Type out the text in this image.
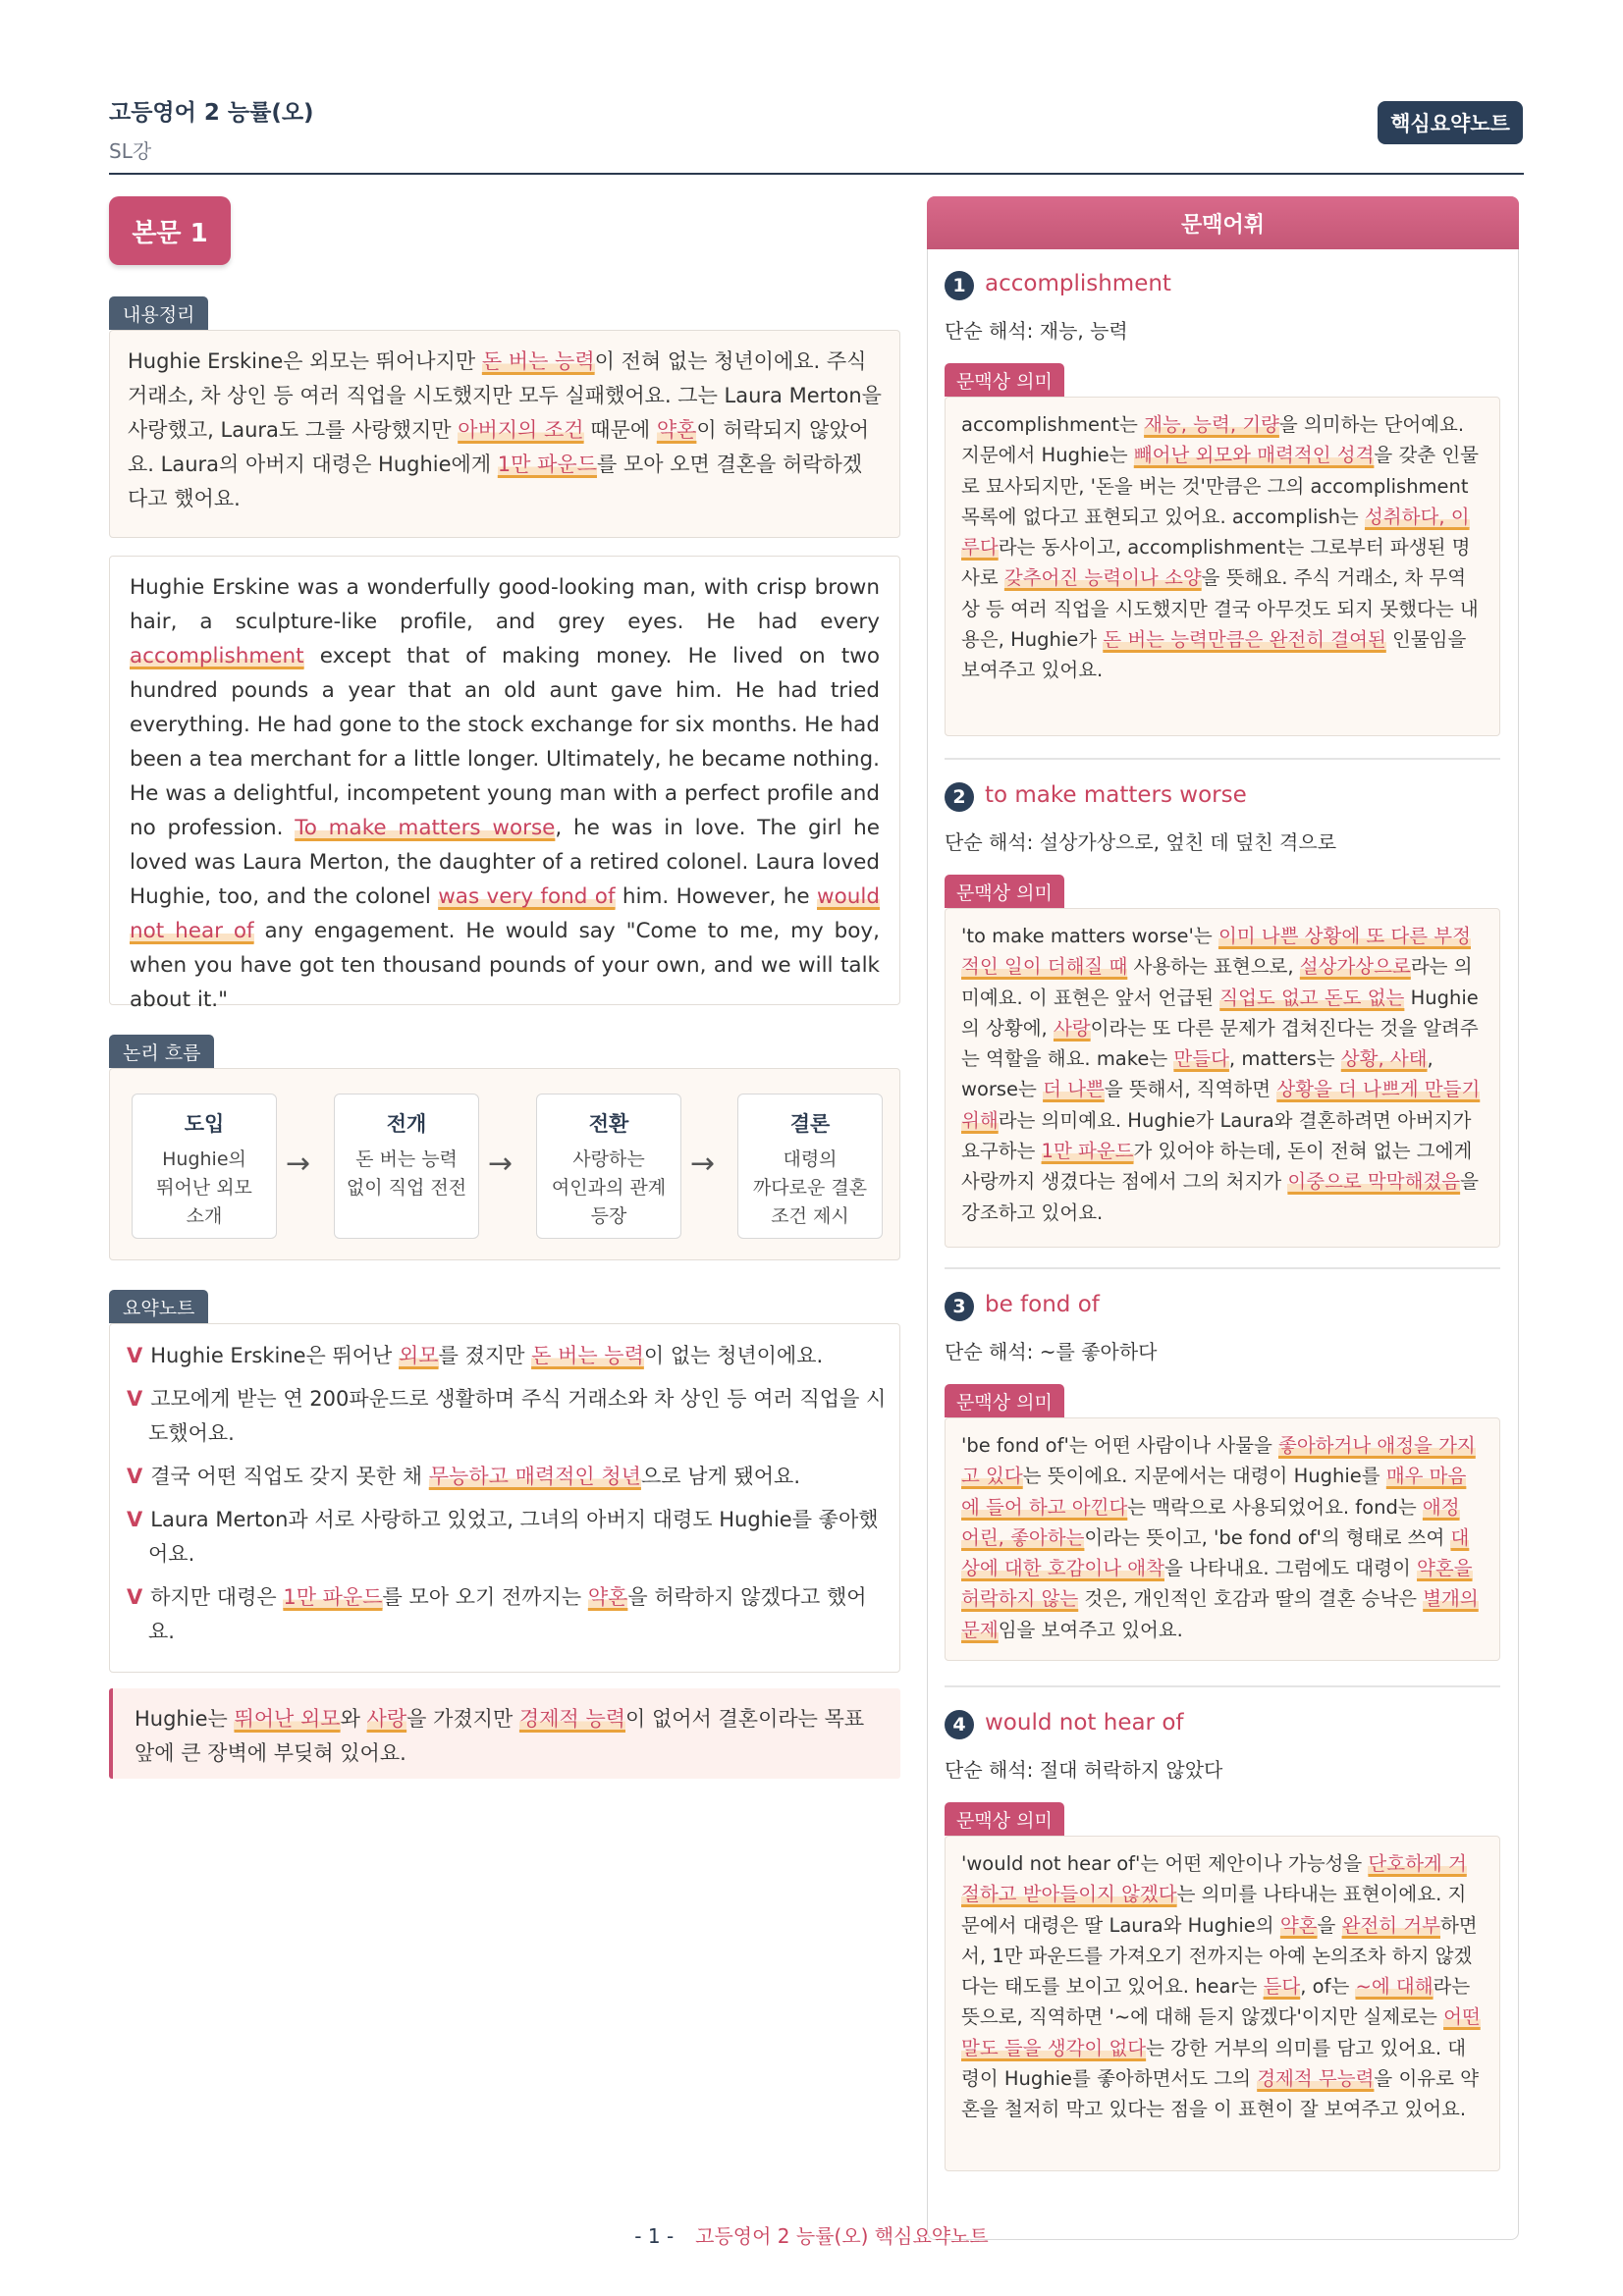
고등영어 2 능률(오)
SL강
핵심요약노트
본문 1
내용정리
Hughie Erskine은 외모는 뛰어나지만 돈 버는 능력이 전혀 없는 청년이에요. 주식 거래소, 차 상인 등 여러 직업을 시도했지만 모두 실패했어요. 그는 Laura Merton을 사랑했고, Laura도 그를 사랑했지만 아버지의 조건 때문에 약혼이 허락되지 않았어요. Laura의 아버지 대령은 Hughie에게 1만 파운드를 모아 오면 결혼을 허락하겠다고 했어요.
Hughie Erskine was a wonderfully good-looking man, with crisp brown hair, a sculpture-like profile, and grey eyes. He had every accomplishment except that of making money. He lived on two hundred pounds a year that an old aunt gave him. He had tried everything. He had gone to the stock exchange for six months. He had been a tea merchant for a little longer. Ultimately, he became nothing. He was a delightful, incompetent young man with a perfect profile and no profession. To make matters worse, he was in love. The girl he loved was Laura Merton, the daughter of a retired colonel. Laura loved Hughie, too, and the colonel was very fond of him. However, he would not hear of any engagement. He would say "Come to me, my boy, when you have got ten thousand pounds of your own, and we will talk about it."
논리 흐름
도입
Hughie의
뛰어난 외모
소개
→
전개
돈 버는 능력
없이 직업 전전
→
전환
사랑하는
여인과의 관계
등장
→
결론
대령의
까다로운 결혼
조건 제시
요약노트
V Hughie Erskine은 뛰어난 외모를 졌지만 돈 버는 능력이 없는 청년이에요.
V 고모에게 받는 연 200파운드로 생활하며 주식 거래소와 차 상인 등 여러 직업을 시도했어요.
V 결국 어떤 직업도 갖지 못한 채 무능하고 매력적인 청년으로 남게 됐어요.
V Laura Merton과 서로 사랑하고 있었고, 그녀의 아버지 대령도 Hughie를 좋아했어요.
V 하지만 대령은 1만 파운드를 모아 오기 전까지는 약혼을 허락하지 않겠다고 했어요.
Hughie는 뛰어난 외모와 사랑을 가졌지만 경제적 능력이 없어서 결혼이라는 목표 앞에 큰 장벽에 부딪혀 있어요.
문맥어휘
1 accomplishment
단순 해석: 재능, 능력
문맥상 의미
accomplishment는 재능, 능력, 기량을 의미하는 단어예요. 지문에서 Hughie는 빼어난 외모와 매력적인 성격을 갖춘 인물로 묘사되지만, '돈을 버는 것'만큼은 그의 accomplishment 목록에 없다고 표현되고 있어요. accomplish는 성취하다, 이루다라는 동사이고, accomplishment는 그로부터 파생된 명사로 갖추어진 능력이나 소양을 뜻해요. 주식 거래소, 차 무역상 등 여러 직업을 시도했지만 결국 아무것도 되지 못했다는 내용은, Hughie가 돈 버는 능력만큼은 완전히 결여된 인물임을 보여주고 있어요.
2 to make matters worse
단순 해석: 설상가상으로, 엎친 데 덮친 격으로
문맥상 의미
'to make matters worse'는 이미 나쁜 상황에 또 다른 부정적인 일이 더해질 때 사용하는 표현으로, 설상가상으로라는 의미예요. 이 표현은 앞서 언급된 직업도 없고 돈도 없는 Hughie의 상황에, 사랑이라는 또 다른 문제가 겹쳐진다는 것을 알려주는 역할을 해요. make는 만들다, matters는 상황, 사태, worse는 더 나쁜을 뜻해서, 직역하면 상황을 더 나쁘게 만들기 위해라는 의미예요. Hughie가 Laura와 결혼하려면 아버지가 요구하는 1만 파운드가 있어야 하는데, 돈이 전혀 없는 그에게 사랑까지 생겼다는 점에서 그의 처지가 이중으로 막막해졌음을 강조하고 있어요.
3 be fond of
단순 해석: ~를 좋아하다
문맥상 의미
'be fond of'는 어떤 사람이나 사물을 좋아하거나 애정을 가지고 있다는 뜻이에요. 지문에서는 대령이 Hughie를 매우 마음에 들어 하고 아낀다는 맥락으로 사용되었어요. fond는 애정 어린, 좋아하는이라는 뜻이고, 'be fond of'의 형태로 쓰여 대상에 대한 호감이나 애착을 나타내요. 그럼에도 대령이 약혼을 허락하지 않는 것은, 개인적인 호감과 딸의 결혼 승낙은 별개의 문제임을 보여주고 있어요.
4 would not hear of
단순 해석: 절대 허락하지 않았다
문맥상 의미
'would not hear of'는 어떤 제안이나 가능성을 단호하게 거절하고 받아들이지 않겠다는 의미를 나타내는 표현이에요. 지문에서 대령은 딸 Laura와 Hughie의 약혼을 완전히 거부하면서, 1만 파운드를 가져오기 전까지는 아예 논의조차 하지 않겠다는 태도를 보이고 있어요. hear는 듣다, of는 ~에 대해라는 뜻으로, 직역하면 '~에 대해 듣지 않겠다'이지만 실제로는 어떤 말도 들을 생각이 없다는 강한 거부의 의미를 담고 있어요. 대령이 Hughie를 좋아하면서도 그의 경제적 무능력을 이유로 약혼을 철저히 막고 있다는 점을 이 표현이 잘 보여주고 있어요.
- 1 - 고등영어 2 능률(오) 핵심요약노트
